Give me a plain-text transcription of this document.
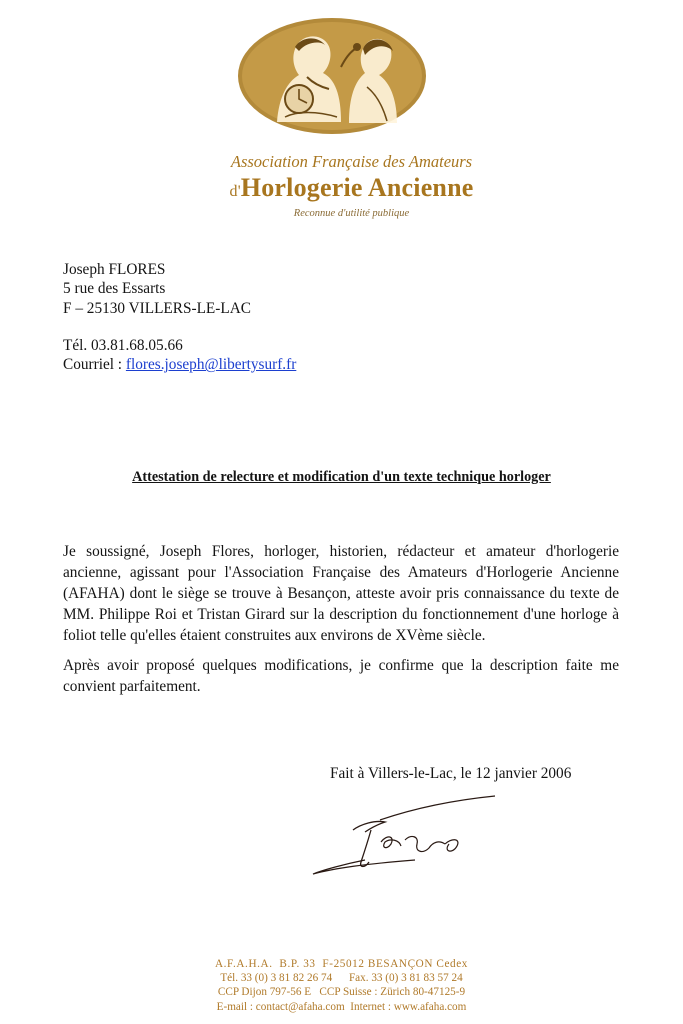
Association Française des Amateurs
d'Horlogerie Ancienne
Reconnue d'utilité publique
Joseph FLORES
5 rue des Essarts
F – 25130 VILLERS-LE-LAC
Tél. 03.81.68.05.66
Courriel : flores.joseph@libertysurf.fr
Attestation de relecture et modification d'un texte technique horloger
Je soussigné, Joseph Flores, horloger, historien, rédacteur et amateur d'horlogerie ancienne, agissant pour l'Association Française des Amateurs d'Horlogerie Ancienne (AFAHA) dont le siège se trouve à Besançon, atteste avoir pris connaissance du texte de MM. Philippe Roi et Tristan Girard sur la description du fonctionnement d'une horloge à foliot telle qu'elles étaient construites aux environs de XVème siècle.
Après avoir proposé quelques modifications, je confirme que la description faite me convient parfaitement.
Fait à Villers-le-Lac, le 12 janvier 2006
A.F.A.H.A.  B.P. 33  F-25012 BESANÇON Cedex
Tél. 33 (0) 3 81 82 26 74      Fax. 33 (0) 3 81 83 57 24
CCP Dijon 797-56 E   CCP Suisse : Zürich 80-47125-9
E-mail : contact@afaha.com  Internet : www.afaha.com
